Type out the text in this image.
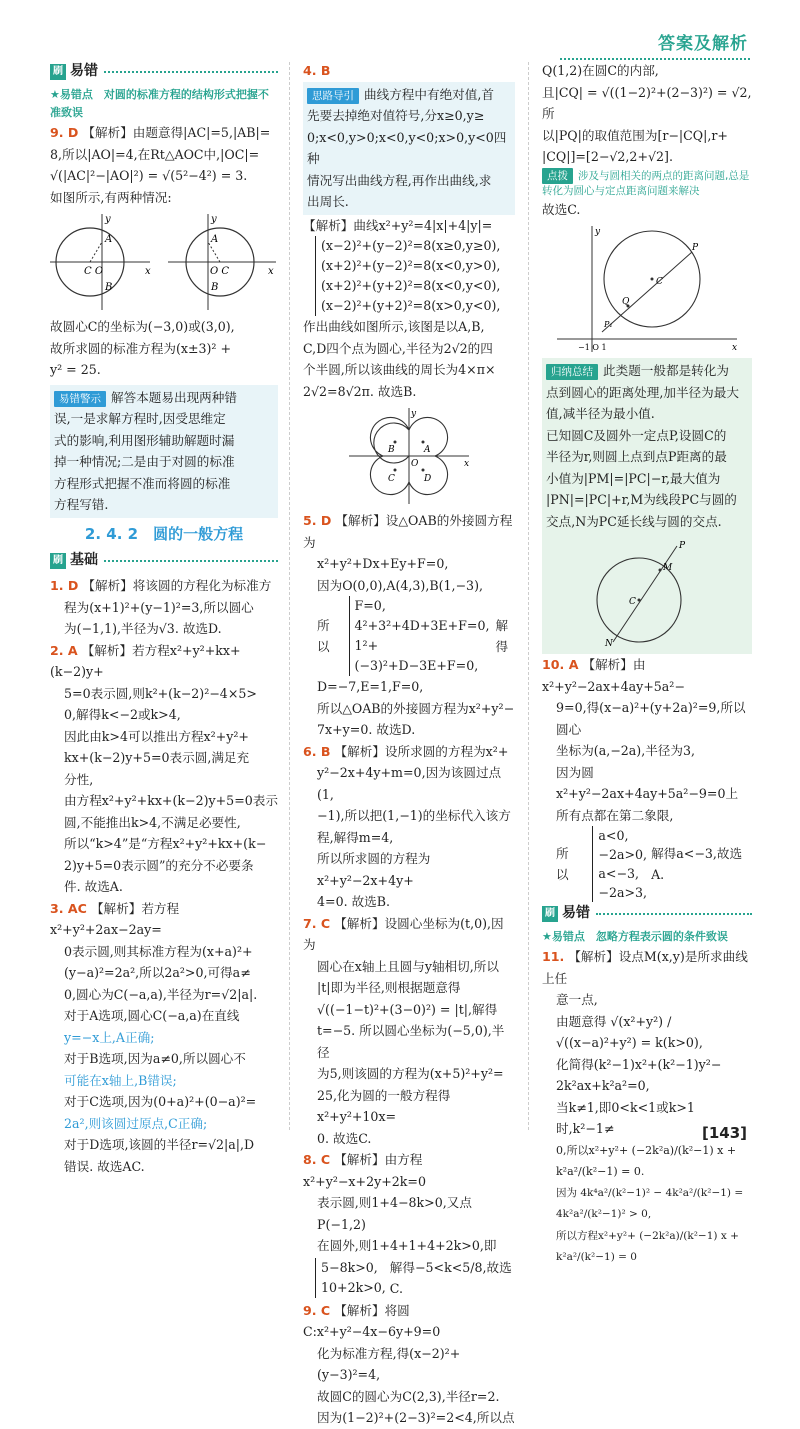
答案及解析
刷 易错
★易错点　对圆的标准方程的结构形式把握不准致误

9. D 【解析】由题意得|AC|=5,|AB|=

8,所以|AO|=4,在Rt△AOC中,|OC|=

√(|AC|²−|AO|²) = √(5²−4²) = 3.

如图所示,有两种情况:

A
B
C O	x
y
A
B
O C	x
y

故圆心C的坐标为(−3,0)或(3,0),

故所求圆的标准方程为(x±3)² +

y² = 25.

易错警示 解答本题易出现两种错

误,一是求解方程时,因受思维定

式的影响,利用图形辅助解题时漏

掉一种情况;二是由于对圆的标准

方程形式把握不准而将圆的标准

方程写错.

2. 4. 2　圆的一般方程
刷 基础

1. D 【解析】将该圆的方程化为标准方

程为(x+1)²+(y−1)²=3,所以圆心

为(−1,1),半径为√3. 故选D.

2. A 【解析】若方程x²+y²+kx+(k−2)y+

5=0表示圆,则k²+(k−2)²−4×5>

0,解得k<−2或k>4,

因此由k>4可以推出方程x²+y²+

kx+(k−2)y+5=0表示圆,满足充

分性,

由方程x²+y²+kx+(k−2)y+5=0表示

圆,不能推出k>4,不满足必要性,

所以“k>4”是“方程x²+y²+kx+(k−

2)y+5=0表示圆”的充分不必要条

件. 故选A.

3. AC 【解析】若方程x²+y²+2ax−2ay=

0表示圆,则其标准方程为(x+a)²+

(y−a)²=2a²,所以2a²>0,可得a≠

0,圆心为C(−a,a),半径为r=√2|a|.

对于A选项,圆心C(−a,a)在直线

y=−x上,A正确;

对于B选项,因为a≠0,所以圆心不

可能在x轴上,B错误;

对于C选项,因为(0+a)²+(0−a)²=

2a²,则该圆过原点,C正确;

对于D选项,该圆的半径r=√2|a|,D

错误. 故选AC.

4. B

思路导引 曲线方程中有绝对值,首

先要去掉绝对值符号,分x≥0,y≥

0;x<0,y>0;x<0,y<0;x>0,y<0四种

情况写出曲线方程,再作出曲线,求

出周长.

【解析】曲线x²+y²=4|x|+4|y|=

(x−2)²+(y−2)²=8(x≥0,y≥0),
(x+2)²+(y−2)²=8(x<0,y>0),
(x+2)²+(y+2)²=8(x<0,y<0),
(x−2)²+(y+2)²=8(x>0,y<0),

作出曲线如图所示,该图是以A,B,

C,D四个点为圆心,半径为2√2的四

个半圆,所以该曲线的周长为4×π×

2√2=8√2π. 故选B.

A
B
C	D
O	x
y

5. D 【解析】设△OAB的外接圆方程为

x²+y²+Dx+Ey+F=0,

因为O(0,0),A(4,3),B(1,−3),

所以
F=0,
4²+3²+4D+3E+F=0,
1²+(−3)²+D−3E+F=0,
解得

D=−7,E=1,F=0,

所以△OAB的外接圆方程为x²+y²−

7x+y=0. 故选D.

6. B 【解析】设所求圆的方程为x²+

y²−2x+4y+m=0,因为该圆过点(1,

−1),所以把(1,−1)的坐标代入该方

程,解得m=4,

所以所求圆的方程为x²+y²−2x+4y+

4=0. 故选B.

7. C 【解析】设圆心坐标为(t,0),因为

圆心在x轴上且圆与y轴相切,所以

|t|即为半径,则根据题意得

√((−1−t)²+(3−0)²) = |t|,解得

t=−5. 所以圆心坐标为(−5,0),半径

为5,则该圆的方程为(x+5)²+y²=

25,化为圆的一般方程得x²+y²+10x=

0. 故选C.

8. C 【解析】由方程x²+y²−x+2y+2k=0

表示圆,则1+4−8k>0,又点P(−1,2)

在圆外,则1+4+1+4+2k>0,即

5−8k>0,
10+2k>0,
解得−5<k<5/8,故选C.

9. C 【解析】将圆C:x²+y²−4x−6y+9=0

化为标准方程,得(x−2)²+(y−3)²=4,

故圆C的圆心为C(2,3),半径r=2.

因为(1−2)²+(2−3)²=2<4,所以点

Q(1,2)在圆C的内部,

且|CQ| = √((1−2)²+(2−3)²) = √2,所

以|PQ|的取值范围为[r−|CQ|,r+

|CQ|]=[2−√2,2+√2].

点拨 涉及与圆相关的两点的距离问题,总是转化为圆心与定点距离问题来解决

故选C.

C
Q
P
P₁
−1 O 1	x
y

归纳总结 此类题一般都是转化为

点到圆心的距离处理,加半径为最大

值,减半径为最小值.

已知圆C及圆外一定点P,设圆C的

半径为r,则圆上点到点P距离的最

小值为|PM|=|PC|−r,最大值为

|PN|=|PC|+r,M为线段PC与圆的

交点,N为PC延长线与圆的交点.

P
M
C
N

10. A 【解析】由x²+y²−2ax+4ay+5a²−

9=0,得(x−a)²+(y+2a)²=9,所以圆心

坐标为(a,−2a),半径为3,

因为圆x²+y²−2ax+4ay+5a²−9=0上

所有点都在第二象限,

所以
a<0,
−2a>0,
a<−3,
−2a>3,
解得a<−3,故选A.
刷 易错
★易错点　忽略方程表示圆的条件致误

11. 【解析】设点M(x,y)是所求曲线上任

意一点,

由题意得 √(x²+y²) / √((x−a)²+y²) = k(k>0),

化简得(k²−1)x²+(k²−1)y²−

2k²ax+k²a²=0,

当k≠1,即0<k<1或k>1时,k²−1≠

0,所以x²+y²+ (−2k²a)/(k²−1) x + k²a²/(k²−1) = 0.

因为 4k⁴a²/(k²−1)² − 4k²a²/(k²−1) = 4k²a²/(k²−1)² > 0,

所以方程x²+y²+ (−2k²a)/(k²−1) x + k²a²/(k²−1) = 0

[143]
